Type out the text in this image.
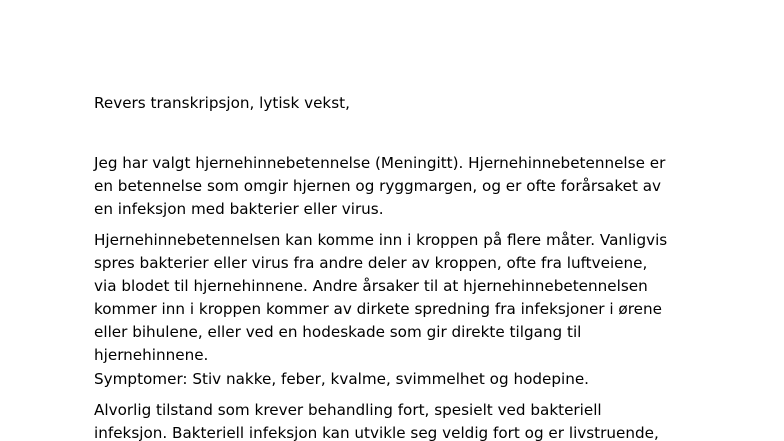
Revers transkripsjon, lytisk vekst,
Jeg har valgt hjernehinnebetennelse (Meningitt). Hjernehinnebetennelse er
en betennelse som omgir hjernen og ryggmargen, og er ofte forårsaket av
en infeksjon med bakterier eller virus.
Hjernehinnebetennelsen kan komme inn i kroppen på flere måter. Vanligvis
spres bakterier eller virus fra andre deler av kroppen, ofte fra luftveiene,
via blodet til hjernehinnene. Andre årsaker til at hjernehinnebetennelsen
kommer inn i kroppen kommer av dirkete spredning fra infeksjoner i ørene
eller bihulene, eller ved en hodeskade som gir direkte tilgang til
hjernehinnene.
Symptomer: Stiv nakke, feber, kvalme, svimmelhet og hodepine.
Alvorlig tilstand som krever behandling fort, spesielt ved bakteriell
infeksjon. Bakteriell infeksjon kan utvikle seg veldig fort og er livstruende,
